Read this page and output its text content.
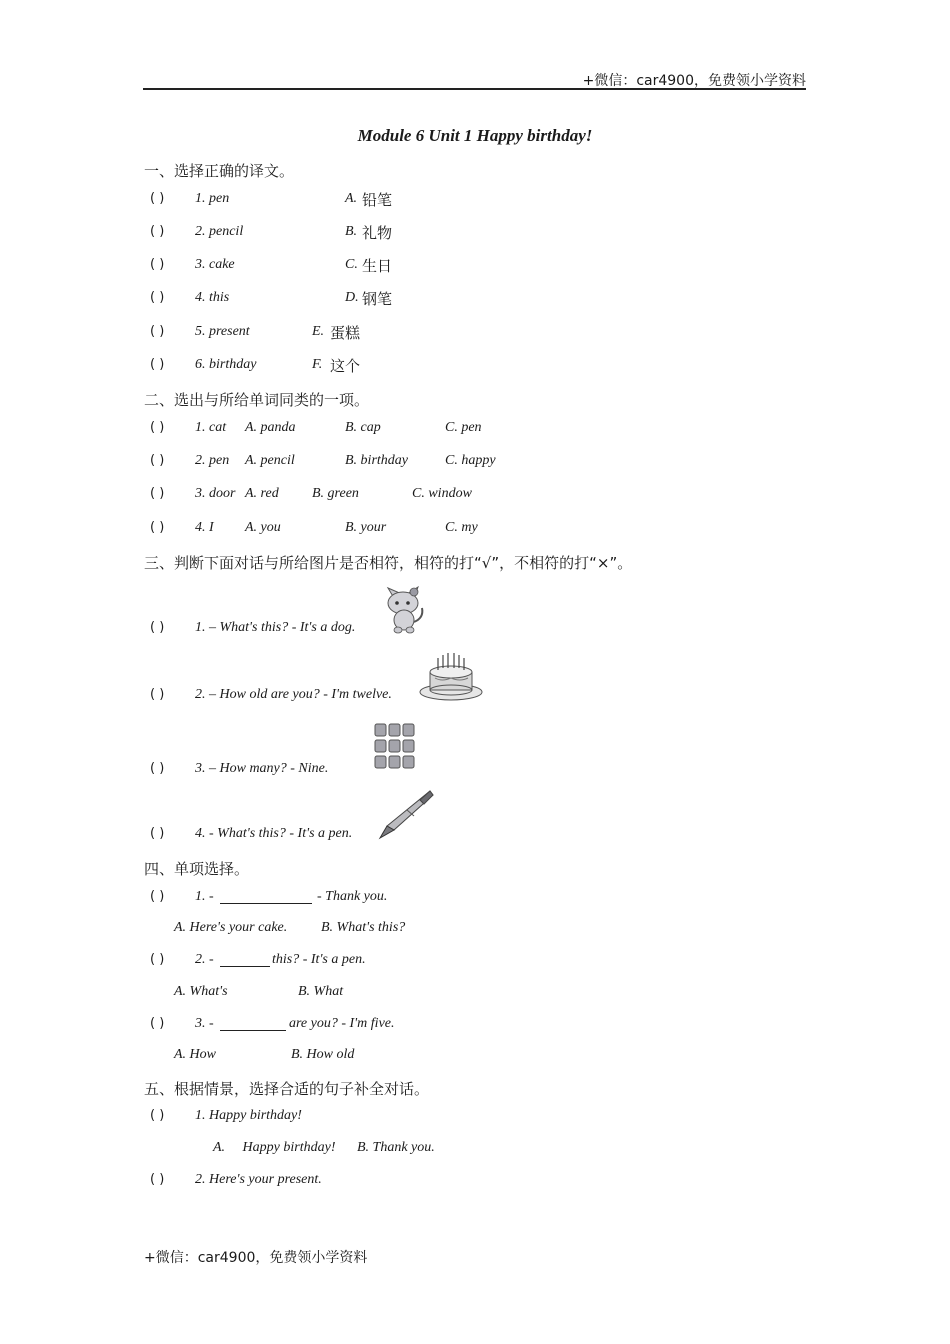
+微信：car4900，免费领小学资料
Module 6 Unit 1 Happy birthday!
一、选择正确的译文。
( ) 1. pen	A. 铅笔
( ) 2. pencil	B. 礼物
( ) 3. cake	C. 生日
( ) 4. this	D. 钢笔
( ) 5. present	E. 蛋糕
( ) 6. birthday	F. 这个
二、选出与所给单词同类的一项。
( ) 1. cat A. panda	B. cap	C. pen
( ) 2. pen A. pencil	B. birthday	C. happy
( ) 3. door A. red B. green	C. window
( ) 4. I A. you	B. your	C. my
三、判断下面对话与所给图片是否相符，相符的打“√”，不相符的打“×”。
( ) 1. – What's this? - It's a dog.
( ) 2. – How old are you? - I'm twelve.
( ) 3. – How many? - Nine.
( ) 4. - What's this? - It's a pen.
四、单项选择。
( ) 1. -	- Thank you.
A. Here's your cake. B. What's this?
( ) 2. -	this? - It's a pen.
A. What's	B. What
( ) 3. -	are you? - I'm five.
A. How	B. How old
五、根据情景，选择合适的句子补全对话。
( ) 1. Happy birthday!
A.     Happy birthday! B. Thank you.
( ) 2. Here's your present.
+微信：car4900，免费领小学资料
